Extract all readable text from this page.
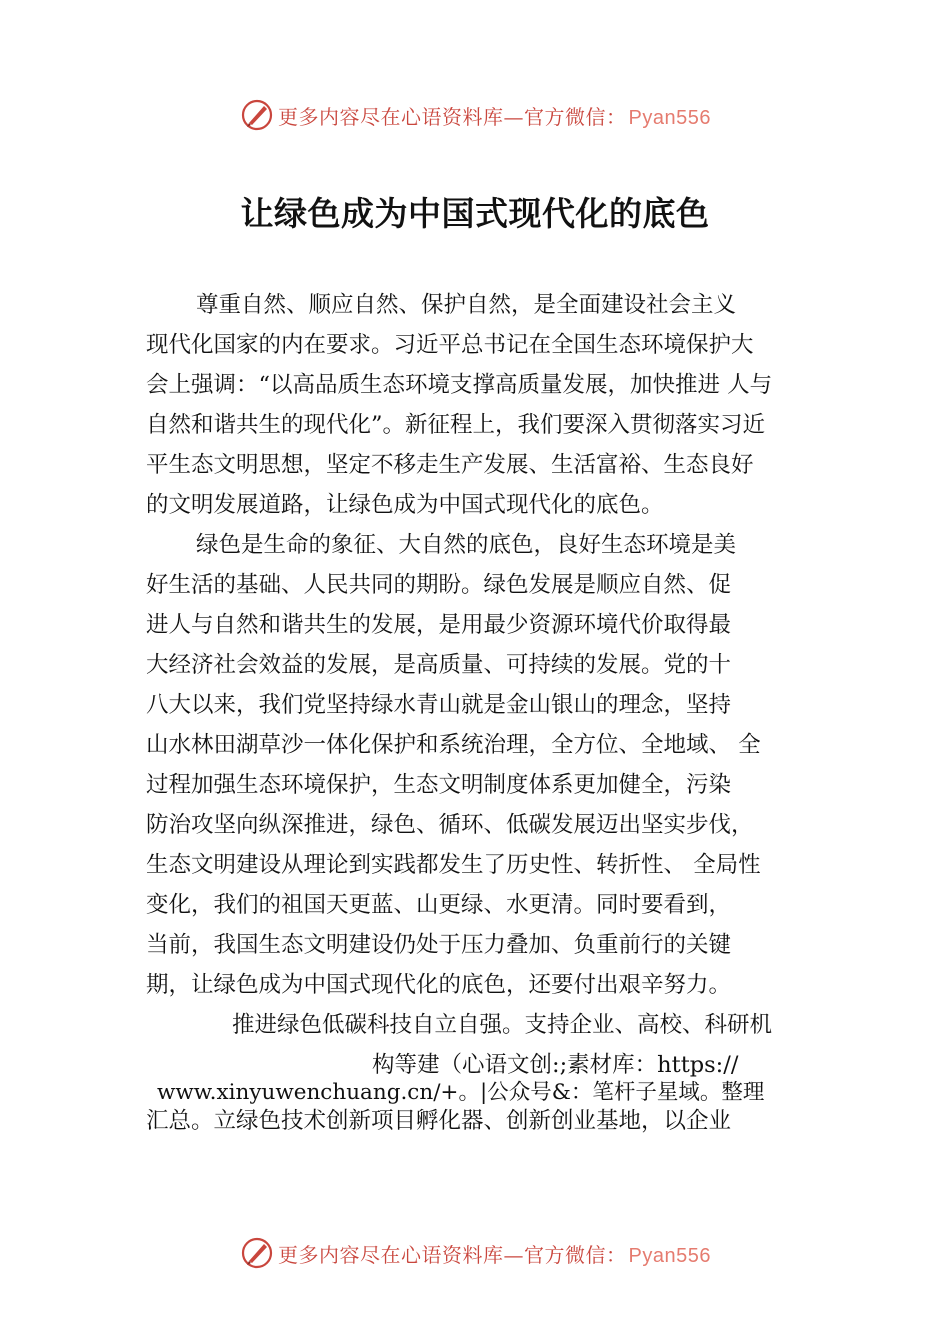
更多内容尽在心语资料库—官方微信： Pyan556
让绿色成为中国式现代化的底色
尊重自然、顺应自然、保护自然，是全面建设社会主义
现代化国家的内在要求。习近平总书记在全国生态环境保护大
会上强调：“以高品质生态环境支撑高质量发展，加快推进 人与
自然和谐共生的现代化”。新征程上，我们要深入贯彻落实习近
平生态文明思想，坚定不移走生产发展、生活富裕、生态良好
的文明发展道路，让绿色成为中国式现代化的底色。
绿色是生命的象征、大自然的底色，良好生态环境是美
好生活的基础、人民共同的期盼。绿色发展是顺应自然、促
进人与自然和谐共生的发展，是用最少资源环境代价取得最
大经济社会效益的发展，是高质量、可持续的发展。党的十
八大以来，我们党坚持绿水青山就是金山银山的理念，坚持
山水林田湖草沙一体化保护和系统治理，全方位、全地域、 全
过程加强生态环境保护，生态文明制度体系更加健全，污染
防治攻坚向纵深推进，绿色、循环、低碳发展迈出坚实步伐，
生态文明建设从理论到实践都发生了历史性、转折性、 全局性
变化，我们的祖国天更蓝、山更绿、水更清。同时要看到，
当前，我国生态文明建设仍处于压力叠加、负重前行的关键
期，让绿色成为中国式现代化的底色，还要付出艰辛努力。
推进绿色低碳科技自立自强。支持企业、高校、科研机
构等建（心语文创:;素材库：https://
www.xinyuwenchuang.cn/+。|公众号&：笔杆子星域。整理
汇总。立绿色技术创新项目孵化器、创新创业基地，以企业
更多内容尽在心语资料库—官方微信： Pyan556
